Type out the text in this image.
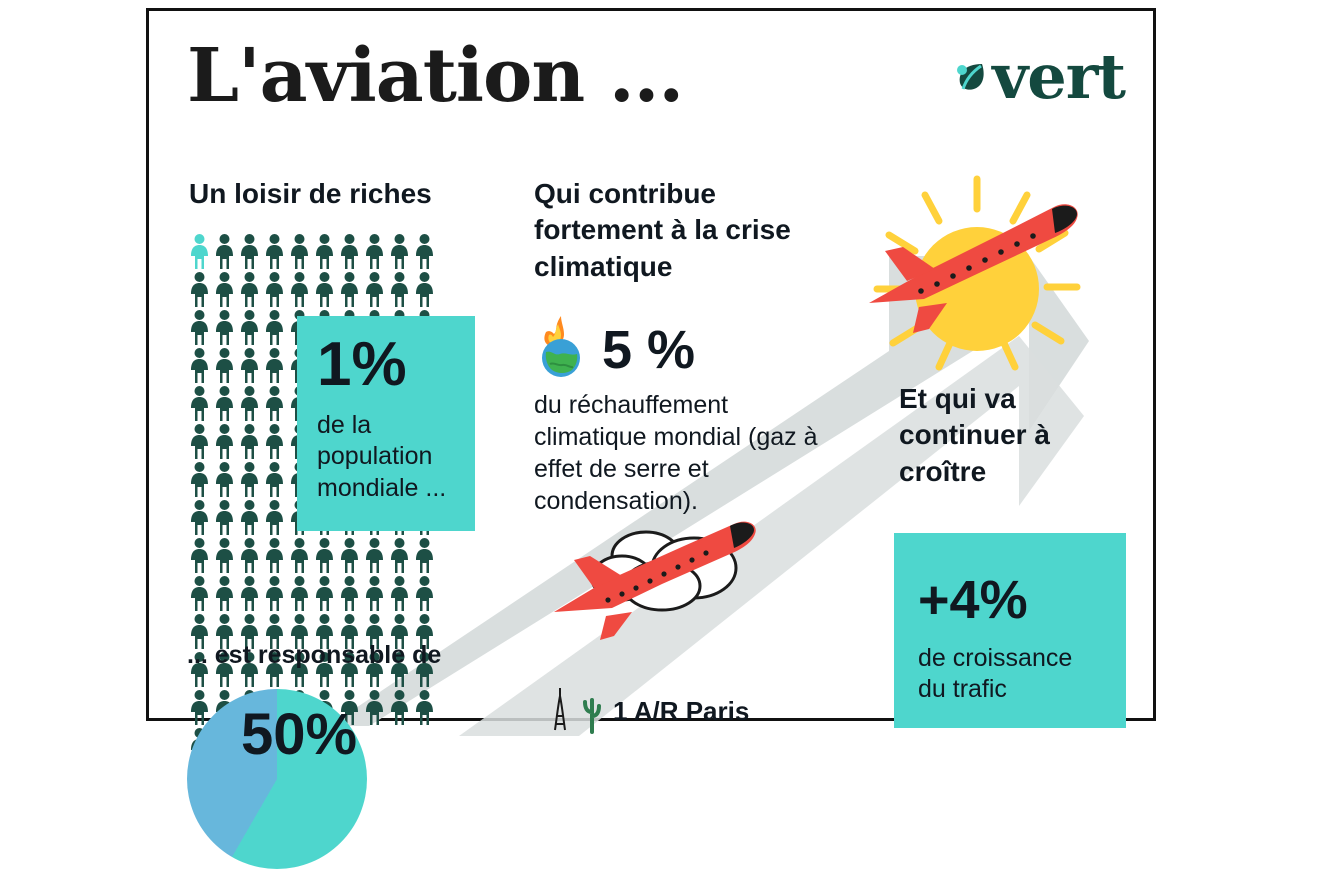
L'aviation ...	vert
Un loisir de riches
1%
de la population mondiale ...
... est responsable de
50%
Qui contribue fortement à la crise climatique
5 %
du réchauffement climatique mondial (gaz à effet de serre et condensation).
1 A/R Paris
Et qui va continuer à croître
+4%
de croissance du trafic
